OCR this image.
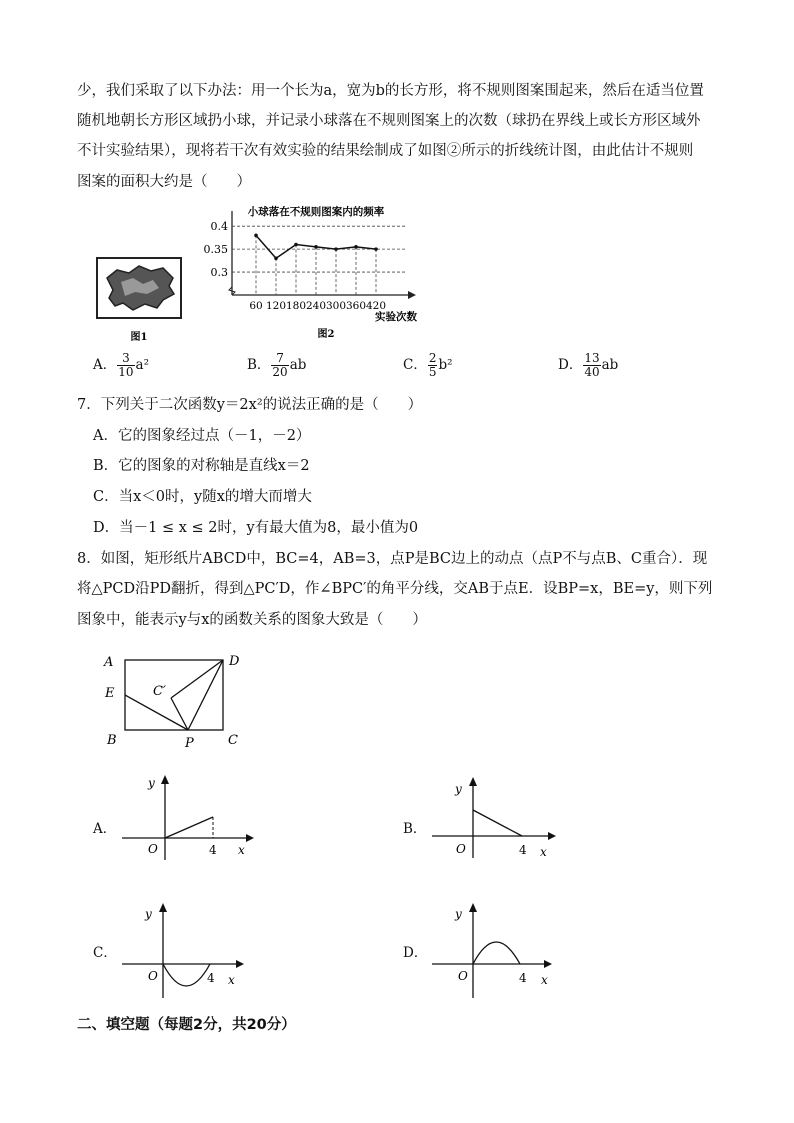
少，我们采取了以下办法：用一个长为a，宽为b的长方形，将不规则图案围起来，然后在适当位置
随机地朝长方形区域扔小球，并记录小球落在不规则图案上的次数（球扔在界线上或长方形区域外
不计实验结果），现将若干次有效实验的结果绘制成了如图②所示的折线统计图，由此估计不规则
图案的面积大约是（　　）
图1
小球落在不规则图案内的频率
0.3
0.35
0.4
60 120 180 240 300 360 420
实验次数
图2
A． $\frac{3}{10} a^2$	B． $\frac{7}{20}$ ab	C． $\frac{2}{5} b^2$	D． $\frac{13}{40}$ ab
7．下列关于二次函数y＝2x²的说法正确的是（　　）
A．它的图象经过点（－1，－2）
B．它的图象的对称轴是直线x＝2
C．当x＜0时，y随x的增大而增大
D．当－1 ≤ x ≤ 2时，y有最大值为8，最小值为0
8．如图，矩形纸片ABCD中，BC=4，AB=3，点P是BC边上的动点（点P不与点B、C重合）．现
将△PCD沿PD翻折，得到△PC′D，作∠BPC′的角平分线，交AB于点E．设BP=x，BE=y，则下列
图象中，能表示y与x的函数关系的图象大致是（　　）
A	D
E	C′
B	P	C
A．
y
O	4 x
B．
y
O	4 x
C．
y
O	4 x
D．
y
O	4 x
二、填空题（每题2分，共20分）
